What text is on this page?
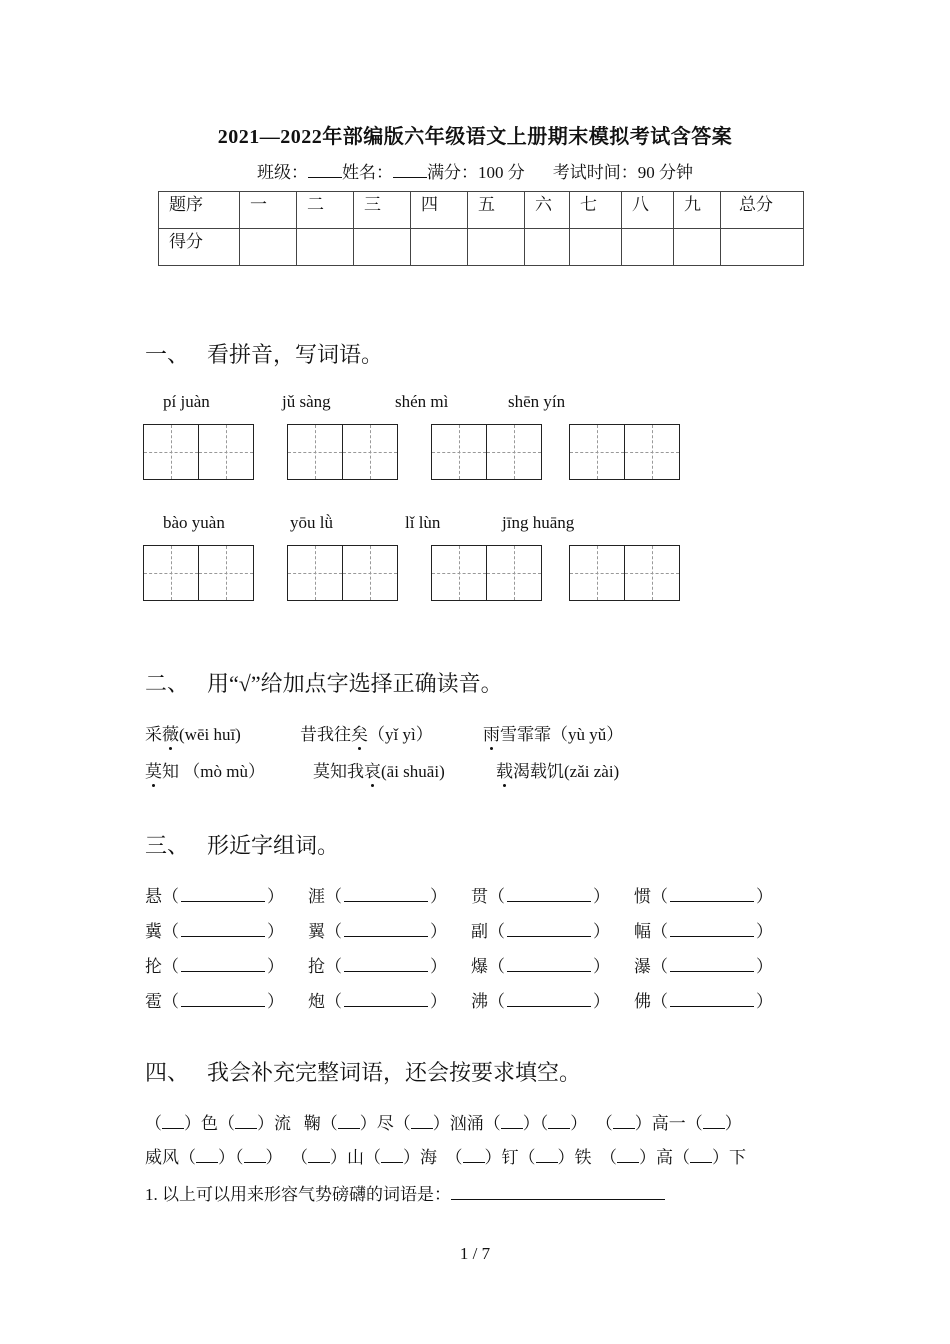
2021—2022年部编版六年级语文上册期末模拟考试含答案
班级： 姓名： 满分：100 分 考试时间：90 分钟
题序	一	二	三	四	五	六	七	八	九	总分
得分										
一、 看拼音，写词语。
pí juàn	jǔ sàng	shén mì	shēn yín
bào yuàn	yōu lǜ	lǐ lùn	jīng huāng
二、 用“√”给加点字选择正确读音。
采薇(wēi huī)	昔我往矣（yǐ yì）	雨雪霏霏（yù yǔ）
莫知 （mò mù）	莫知我哀(āi shuāi)	载渴载饥(zǎi zài)
三、 形近字组词。
悬（	） 涯（	） 贯（	） 惯（	）
冀（	） 翼（	） 副（	） 幅（	）
抡（	） 抢（	） 爆（	） 瀑（	）
雹（	） 炮（	） 沸（	） 佛（	）
四、 我会补充完整词语，还会按要求填空。
（ ）色（ ）流   鞠（ ）尽（ ）汹涌（ ）（ ）  （ ）高一（ ）
威风（ ）（ ）  （ ）山（ ）海  （ ）钉（ ）铁  （ ）高（ ）下
1. 以上可以用来形容气势磅礴的词语是：
1 / 7
